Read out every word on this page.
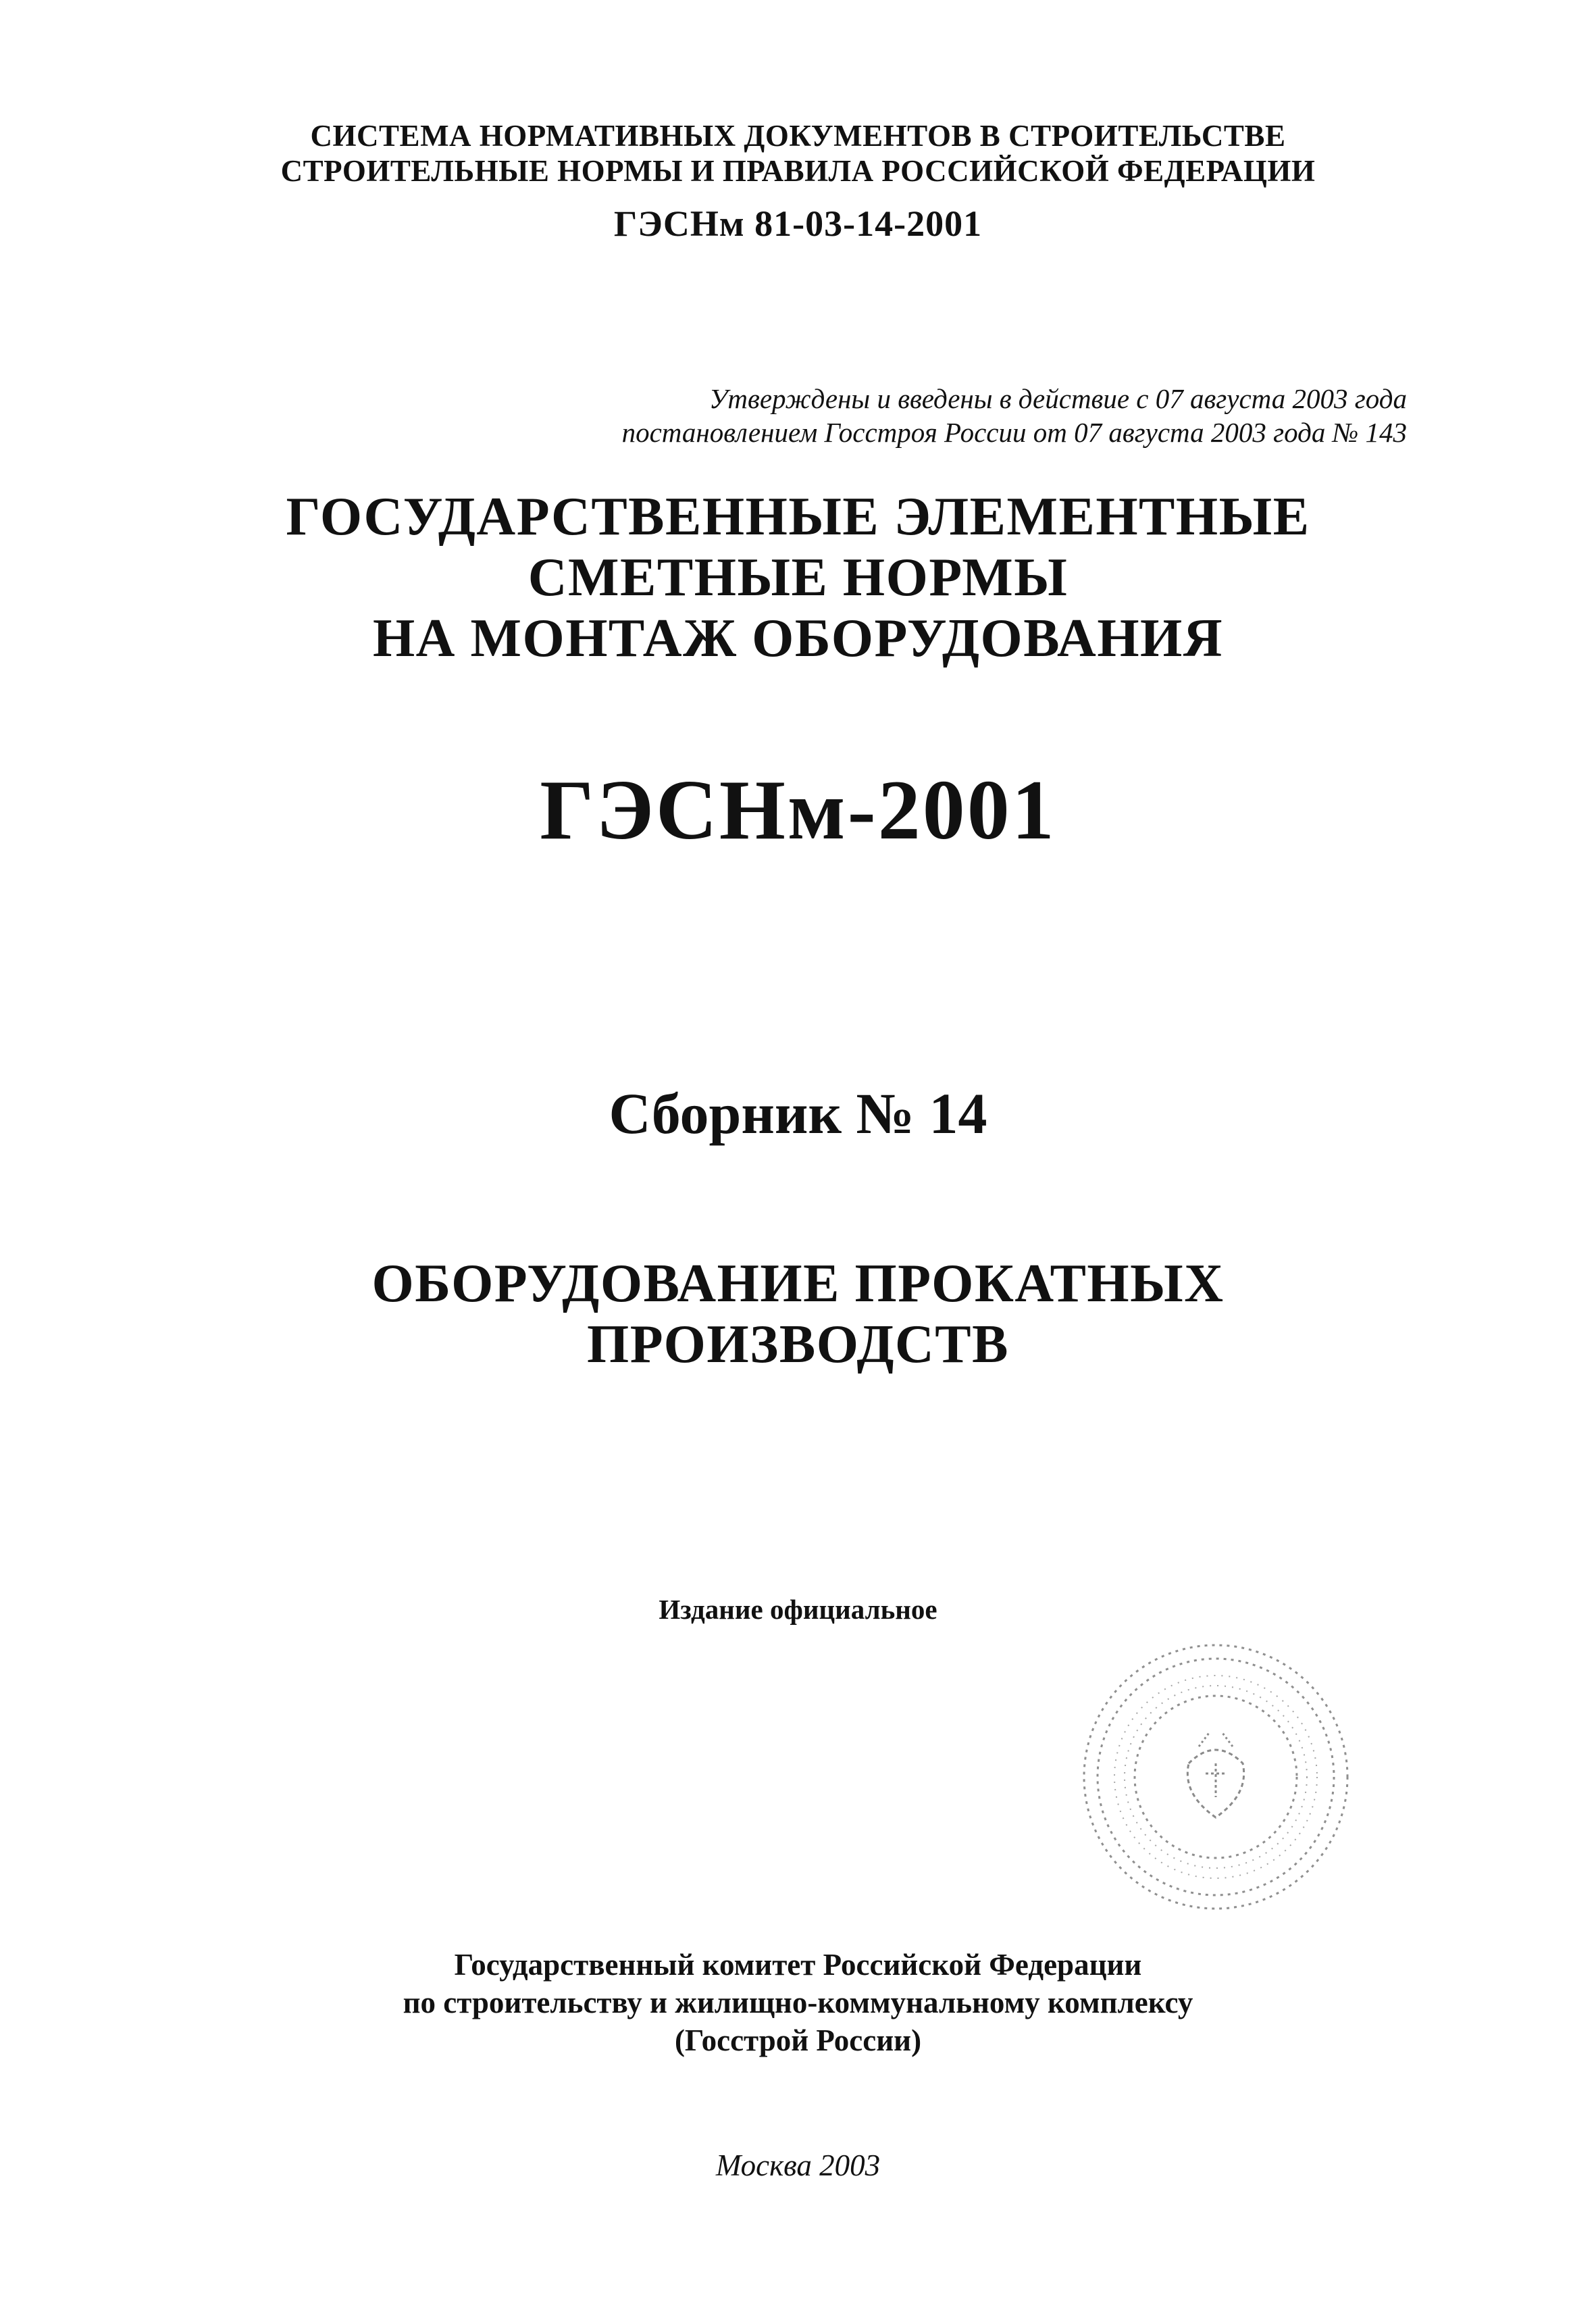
СИСТЕМА НОРМАТИВНЫХ ДОКУМЕНТОВ В СТРОИТЕЛЬСТВЕ
СТРОИТЕЛЬНЫЕ НОРМЫ И ПРАВИЛА РОССИЙСКОЙ ФЕДЕРАЦИИ
ГЭСНм 81-03-14-2001
Утверждены и введены в действие с 07 августа 2003 года
постановлением Госстроя России от 07 августа 2003 года № 143
ГОСУДАРСТВЕННЫЕ ЭЛЕМЕНТНЫЕ
СМЕТНЫЕ НОРМЫ
НА МОНТАЖ ОБОРУДОВАНИЯ
ГЭСНм-2001
Сборник № 14
ОБОРУДОВАНИЕ ПРОКАТНЫХ
ПРОИЗВОДСТВ
Издание официальное
Государственный комитет Российской Федерации
по строительству и жилищно-коммунальному комплексу
(Госстрой России)
Москва 2003
